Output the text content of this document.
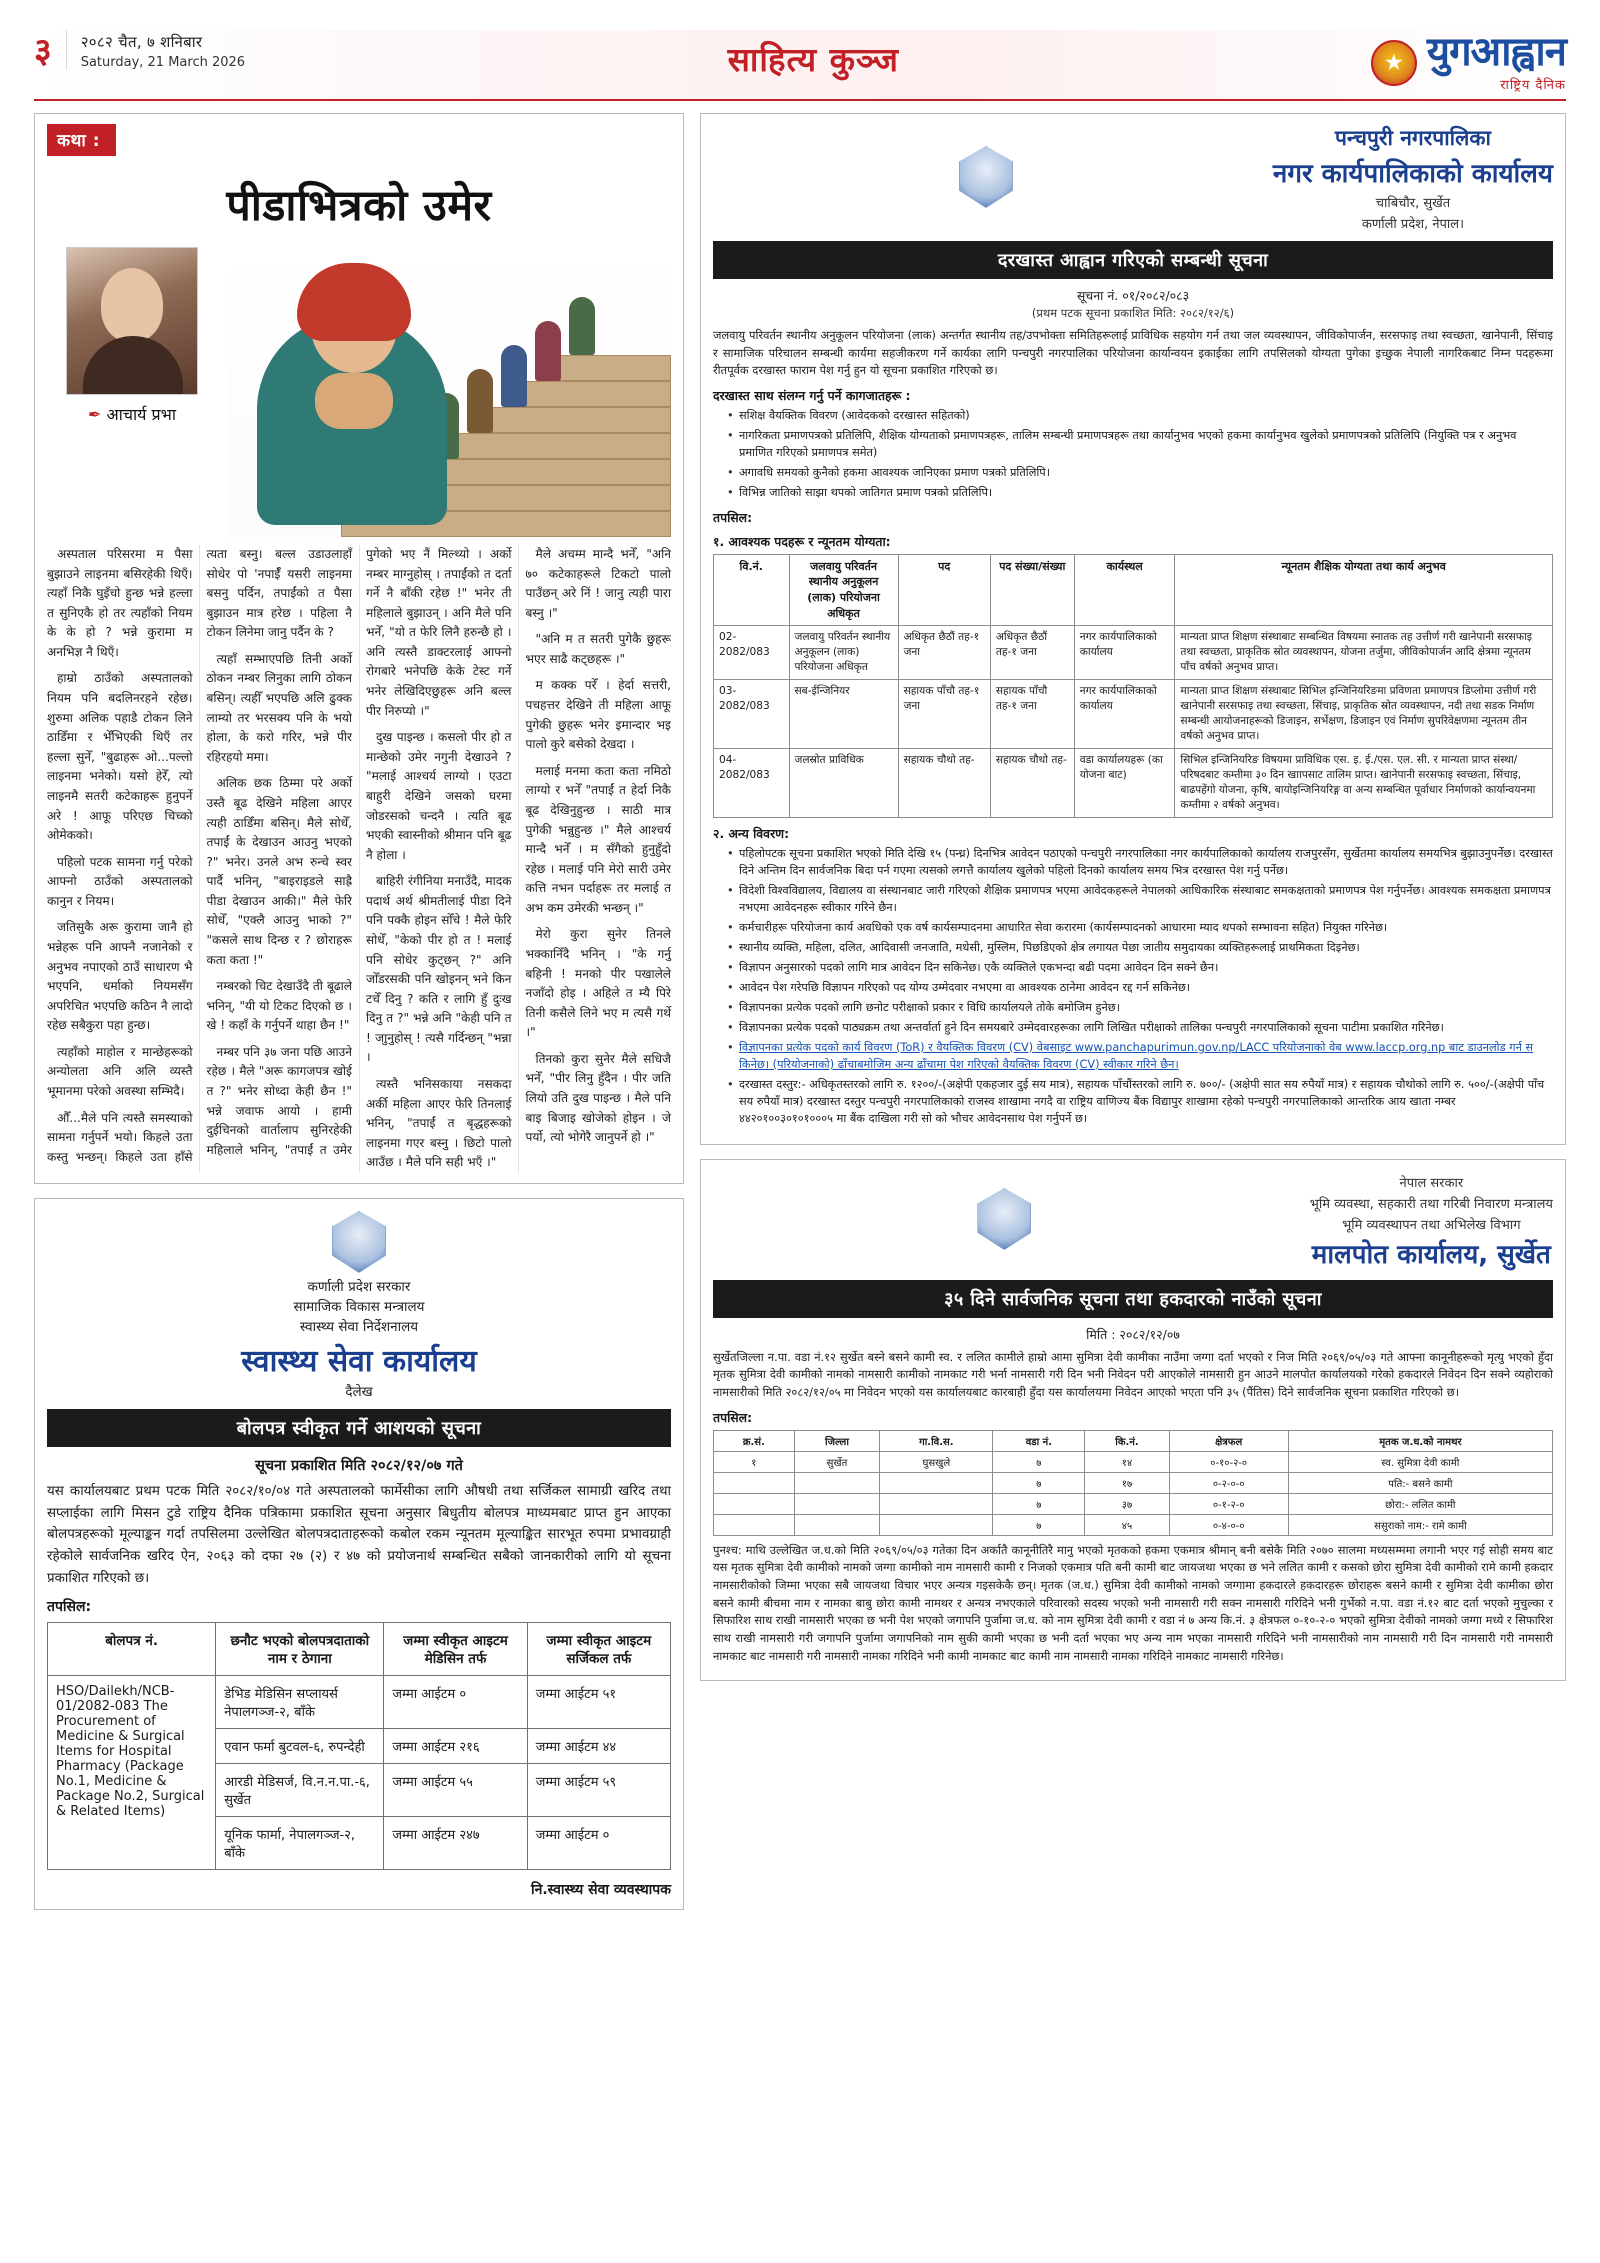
३	२०८२ चैत, ७ शनिबार
Saturday, 21 March 2026	साहित्य कुञ्ज	युगआह्वान
राष्ट्रिय दैनिक
कथा :
पीडाभित्रको उमेर
✒ आचार्य प्रभा

अस्पताल परिसरमा म पैसा बुझाउने लाइनमा बसिरहेकी थिएँ। त्यहाँ निकै घुइँचो हुन्छ भन्ने हल्ला त सुनिएकै हो तर त्यहाँको नियम के के हो ? भन्ने कुरामा म अनभिज्ञ नै थिएँ।

हाम्रो ठाउँको अस्पतालको नियम पनि बदलिनरहने रहेछ। शुरुमा अलिक पहाडै टोकन लिने ठाडिँमा र भेँभिएकी थिएँ तर हल्ला सुनेँ, "बुढाहरू ओ...पल्लो लाइनमा भनेको। यसो हेरेँ, त्यो लाइनमै सतरी कटेकाहरू हुनुपर्ने अरे ! आफू परिएछ चिच्को ओमेकको।

पहिलो पटक सामना गर्नु परेको आफ्नो ठाउँको अस्पतालको कानुन र नियम।

जतिसुकै अरू कुरामा जानै हो भन्नेहरू पनि आफ्नै नजानेको र अनुभव नपाएको ठाउँ साधारण भै भएपनि, धर्माको नियमसँग अपरिचित भएपछि कठिन नै लादो रहेछ सबैकुरा पहा हुन्छ।

त्यहाँको माहोल र मान्छेहरूको अन्योलता अनि अलि व्यस्तै भूमानमा परेको अवस्था सम्भिदै।

औँ...मैले पनि त्यस्तै समस्याको सामना गर्नुपर्ने भयो। किहले उता कस्तु भन्छन्। किहले उता हाँसे त्यता बस्नु। बल्ल उडाउलाहाँ सोधेर पो 'नपाईँ यसरी लाइनमा बसनु पर्दिन, तपाईंको त पैसा बुझाउन मात्र हरेछ । पहिला नै टोकन लिनेमा जानु पर्दैन के ?

त्यहाँ सम्भाएपछि तिनी अर्को ठोकन नम्बर लिनुका लागि ठोकन बसिन्। त्यहीँ भएपछि अलि ढुक्क लाम्यो तर भरसक्य पनि के भयो होला, के करो गरिर, भन्ने पीर रहिरहयो ममा।

अलिक छक ठिम्मा परे अर्को उस्तै बूढ देखिने महिला आएर त्यही ठाडिँमा बसिन्। मैले सोधेँ, तपाईं के देखाउन आउनु भएको ?" भनेर। उनले अभ रुन्चे स्वर पार्दै भनिन्, "बाइराइडले साह्रै पीडा देखाउन आकी।" मैले फेरि सोधेँ, "एक्लै आउनु भाको ?" "कसले साथ दिन्छ र ? छोराहरू कता कता !"

नम्बरको चिट देखाउँदै ती बूढाले भनिन्, "यी यो टिकट दिएको छ । खे ! कहाँ के गर्नुपर्ने थाहा छैन !"

नम्बर पनि ३७ जना पछि आउने रहेछ । मैले "अरू कागजपत्र खोई त ?" भनेर सोध्दा केही छैन !" भन्ने जवाफ आयो । हामी दुईचिनको वार्तालाप सुनिरहेकी महिलाले भनिन्, "तपाईं त उमेर पुगेको भए नैं मिल्थ्यो । अर्को नम्बर माग्नुहोस् । तपाईंको त दर्ता गर्ने नै बाँकी रहेछ !" भनेर ती महिलाले बुझाउन् । अनि मैले पनि भनेँ, "यो त फेरि लिनै हरुन्छै हो । अनि त्यस्तै डाक्टरलाई आफ्नो रोगबारे भनेपछि केके टेस्ट गर्ने भनेर लेखिदिएछुहरू अनि बल्ल पीर निरुप्यो ।"

दुख पाइन्छ । कसलो पीर हो त मान्छेको उमेर नगुनी देखाउने ? "मलाई आश्चर्य लाग्यो । एउटा बाहुरी देखिने जसको घरमा जोडरसको चन्दनै । त्यति बूढ भएकी स्वास्नीको श्रीमान पनि बूढ नै होला ।

बाहिरी रंगीनिया मनाउँदै, मादक पदार्थ अर्थ श्रीमतीलाई पीडा दिने पनि पक्कै होइन सोँचे ! मैले फेरि सोधेँ, "केको पीर हो त ! मलाई पनि सोधेर कुट्छन् ?" अनि जोँडरसकी पनि खाेइनन् भने किन टचेँ दिनु ? कति र लागि हुँ दुःख दिनु त ?" भन्ने अनि "केही पनि त ! जाुनुहोस् ! त्यसै गर्दिन्छन् "भन्ना ।

त्यस्तै भनिसकाया नसकदा अर्की महिला आएर फेरि तिनलाई भनिन्, "तपाईं त बृद्धहरूको लाइनमा गएर बस्नु । छिटो पालो आउँछ । मैले पनि सही भएँ ।"

मैले अचम्म मान्दै भनेँ, "अनि ७० कटेकाहरूले टिकटो पालो पाउँछन् अरे निं ! जानु त्यही पारा बस्नु ।"

"अनि म त सतरी पुगेकै छुहरू भएर साढै कट्छहरू ।"

म कक्क परेँ । हेर्दा सत्तरी, पचहत्तर देखिने ती महिला आफू पुगेकी छुहरू भनेर इमान्दार भइ पालो कुरे बसेको देखदा ।

मलाई मनमा कता कता नमिठो लाग्यो र भनेँ "तपाईं त हेर्दा निकै बूढ देखिनुहुन्छ । साठी मात्र पुगेकी भन्नुहुन्छ ।" मैले आश्चर्य मान्दै भनेँ । म सँगैको हुनुहुँदो रहेछ । मलाई पनि मेरो सारी उमेर कत्ति नभन पर्दाहरू तर मलाई त अभ कम उमेरकी भन्छन् ।"

मेरो कुरा सुनेर तिनले भक्कानिँदै भनिन् । "के गर्नु बहिनी ! मनको पीर पखालेले नजाँदो होइ । अहिले त म्यै पिरे तिनी कसैले लिने भए म त्यसै गर्थे ।"

तिनको कुरा सुनेर मैले सधिजै भनेँ, "पीर लिनु हुँदैन । पीर जति लियो उति दुख पाइन्छ । मैले पनि बाइ बिजाइ खोजेको होइन । जे पर्यो, त्यो भोगेरै जानुपर्ने हो ।"

कर्णाली प्रदेश सरकार
सामाजिक विकास मन्त्रालय
स्वास्थ्य सेवा निर्देशनालय
स्वास्थ्य सेवा कार्यालय
दैलेख
बोलपत्र स्वीकृत गर्ने आशयको सूचना
सूचना प्रकाशित मिति २०८२/१२/०७ गते
यस कार्यालयबाट प्रथम पटक मिति २०८२/१०/०४ गते अस्पतालको फार्मेसीका लागि औषधी तथा सर्जिकल सामाग्री खरिद तथा सप्लाईका लागि मिसन टुडे राष्ट्रिय दैनिक पत्रिकामा प्रकाशित सूचना अनुसार बिधुतीय बोलपत्र माध्यमबाट प्राप्त हुन आएका बोलपत्रहरूको मूल्याङ्कन गर्दा तपसिलमा उल्लेखित बोलपत्रदाताहरूको कबोल रकम न्यूनतम मूल्याङ्कित सारभूत रुपमा प्रभावग्राही रहेकोले सार्वजनिक खरिद ऐन, २०६३ को दफा २७ (२) र ४७ को प्रयोजनार्थ सम्बन्धित सबैको जानकारीको लागि यो सूचना प्रकाशित गरिएको छ।
तपसिल:
बोलपत्र नं.	छनौट भएको बोलपत्रदाताको नाम र ठेगाना	जम्मा स्वीकृत आइटम मेडिसिन तर्फ	जम्मा स्वीकृत आइटम सर्जिकल तर्फ
HSO/Dailekh/NCB-01/2082-083 The Procurement of Medicine & Surgical Items for Hospital Pharmacy (Package No.1, Medicine & Package No.2, Surgical & Related Items)	डेभिड मेडिसिन सप्लायर्स नेपालगञ्ज-२, बाँके	जम्मा आईटम ०	जम्मा आईटम ५१
	एवान फर्मा बुटवल-६, रुपन्देही	जम्मा आईटम २१६	जम्मा आईटम ४४
	आरडी मेडिसर्ज, वि.न.न.पा.-६, सुर्खेत	जम्मा आईटम ५५	जम्मा आईटम ५९
	यूनिक फार्मा, नेपालगञ्ज-२, बाँके	जम्मा आईटम २४७	जम्मा आईटम ०
नि.स्वास्थ्य सेवा व्यवस्थापक
पन्चपुरी नगरपालिका
नगर कार्यपालिकाको कार्यालय
चाबिचौर, सुर्खेत
कर्णाली प्रदेश, नेपाल।
दरखास्त आह्वान गरिएको सम्बन्धी सूचना
सूचना नं. ०१/२०८२/०८३
(प्रथम पटक सूचना प्रकाशित मिति: २०८२/१२/६)

जलवायु परिवर्तन स्थानीय अनुकूलन परियोजना (लाक) अन्तर्गत स्थानीय तह/उपभोक्ता समितिहरूलाई प्राविधिक सहयोग गर्न तथा जल व्यवस्थापन, जीविकोपार्जन, सरसफाइ तथा स्वच्छता, खानेपानी, सिंचाइ र सामाजिक परिचालन सम्बन्धी कार्यमा सहजीकरण गर्ने कार्यका लागि पन्चपुरी नगरपालिका परियोजना कार्यान्वयन इकाईका लागि तपसिलको योग्यता पुगेका इच्छुक नेपाली नागरिकबाट निम्न पदहरूमा रीतपूर्वक दरखास्त फाराम पेश गर्नु हुन यो सूचना प्रकाशित गरिएको छ।

दरखास्त साथ संलग्न गर्नु पर्ने कागजातहरू :
• सशिक्ष वैयक्तिक विवरण (आवेदकको दरखास्त सहितको)
• नागरिकता प्रमाणपत्रको प्रतिलिपि, शैक्षिक योग्यताको प्रमाणपत्रहरू, तालिम सम्बन्धी प्रमाणपत्रहरू तथा कार्यानुभव भएको हकमा कार्यानुभव खुलेको प्रमाणपत्रको प्रतिलिपि (नियुक्ति पत्र र अनुभव प्रमाणित गरिएको प्रमाणपत्र समेत)
• अगावधि समयको कुनैको हकमा आवश्यक जानिएका प्रमाण पत्रको प्रतिलिपि।
• विभिन्न जातिको साझा थपको जातिगत प्रमाण पत्रको प्रतिलिपि।
तपसिल:
१. आवश्यक पदहरू र न्यूनतम योग्यता:
वि.नं.	जलवायु परिवर्तन स्थानीय अनुकूलन (लाक) परियोजना अधिकृत	पद	पद संख्या/संख्या	कार्यस्थल	न्यूनतम शैक्षिक योग्यता तथा कार्य अनुभव
02-2082/083	जलवायु परिवर्तन स्थानीय अनुकूलन (लाक) परियोजना अधिकृत	अधिकृत छैठौं तह-१ जना	अधिकृत छैठौं तह-१ जना	नगर कार्यपालिकाको कार्यालय	मान्यता प्राप्त शिक्षण संस्थाबाट सम्बन्धित विषयमा स्नातक तह उत्तीर्ण गरी खानेपानी सरसफाइ तथा स्वच्छता, प्राकृतिक स्रोत व्यवस्थापन, योजना तर्जुमा, जीविकोपार्जन आदि क्षेत्रमा न्यूनतम पाँच वर्षको अनुभव प्राप्त।
03-2082/083	सब-ईन्जिनियर	सहायक पाँचौ तह-१ जना	सहायक पाँचौ तह-१ जना	नगर कार्यपालिकाको कार्यालय	मान्यता प्राप्त शिक्षण संस्थाबाट सिभिल इन्जिनियरिङमा प्रविणता प्रमाणपत्र डिप्लोमा उत्तीर्ण गरी खानेपानी सरसफाइ तथा स्वच्छता, सिंचाइ, प्राकृतिक स्रोत व्यवस्थापन, नदी तथा सडक निर्माण सम्बन्धी आयोजनाहरूको डिजाइन, सर्भेक्षण, डिजाइन एवं निर्माण सुपरिवेक्षणमा न्यूनतम तीन वर्षको अनुभव प्राप्त।
04-2082/083	जलस्रोत प्राविधिक	सहायक चौथो तह-	सहायक चौथो तह-	वडा कार्यालयहरू (का योजना बाट)	सिभिल इन्जिनियरिङ विषयमा प्राविधिक एस. इ. ई./एस. एल. सी. र मान्यता प्राप्त संस्था/परिषदबाट कम्तीमा ३० दिन खाापसाट तालिम प्राप्त। खानेपानी सरसफाइ स्वच्छता, सिंचाइ, बाढपहेंगो योजना, कृषि, बायोइन्जिनियरिङ्ग वा अन्य सम्बन्धित पूर्वाधार निर्माणको कार्यान्वयनमा कम्तीमा २ वर्षको अनुभव।
२. अन्य विवरण:
• पहिलोपटक सूचना प्रकाशित भएको मिति देखि १५ (पन्ध्र) दिनभित्र आवेदन पठाएको पन्चपुरी नगरपालिकाा नगर कार्यपालिकाको कार्यालय राजपुरसँग, सुर्खेतमा कार्यालय समयभित्र बुझाउनुपर्नेछ। दरखास्त दिने अन्तिम दिन सार्वजनिक बिदा पर्न गएमा त्यसको लगत्तै कार्यालय खुलेको पहिलो दिनको कार्यालय समय भित्र दरखास्त पेश गर्नु पर्नेछ।
• विदेशी विश्वविद्यालय, विद्यालय वा संस्थानबाट जारी गरिएको शैक्षिक प्रमाणपत्र भएमा आवेदकहरूले नेपालको आधिकारिक संस्थाबाट समकक्षताको प्रमाणपत्र पेश गर्नुपर्नेछ। आवश्यक समकक्षता प्रमाणपत्र नभएमा आवेदनहरू स्वीकार गरिने छैन।
• कर्मचारीहरू परियोजना कार्य अवधिको एक वर्ष कार्यसम्पादनमा आधारित सेवा करारमा (कार्यसम्पादनको आधारमा म्याद थपको सम्भावना सहित) नियुक्त गरिनेछ।
• स्थानीय व्यक्ति, महिला, दलित, आदिवासी जनजाति, मधेसी, मुस्लिम, पिछडिएको क्षेत्र लगायत पेछा जातीय समुदायका व्यक्तिहरूलाई प्राथमिकता दिइनेछ।
• विज्ञापन अनुसारको पदको लागि मात्र आवेदन दिन सकिनेछ। एकै व्यक्तिले एकभन्दा बढी पदमा आवेदन दिन सक्ने छैन।
• आवेदन पेश गरेपछि विज्ञापन गरिएको पद योग्य उम्मेदवार नभएमा वा आवश्यक ठानेमा आवेदन रद्द गर्न सकिनेछ।
• विज्ञापनका प्रत्येक पदको लागि छनोट परीक्षाको प्रकार र विधि कार्यालयले तोके बमोजिम हुनेछ।
• विज्ञापनका प्रत्येक पदको पाठ्यक्रम तथा अन्तर्वार्ता हुने दिन समयबारे उम्मेदवारहरूका लागि लिखित परीक्षाको तालिका पन्चपुरी नगरपालिकाको सूचना पाटीमा प्रकाशित गरिनेछ।
• विज्ञापनका प्रत्येक पदको कार्य विवरण (ToR) र वैयक्तिक विवरण (CV) वेबसाइट www.panchapurimun.gov.np/LACC परियोजनाको वेब www.laccp.org.np बाट डाउनलोड गर्न सकिनेछ। (परियोजनाको) ढाँचाबमोजिम अन्य ढाँचामा पेश गरिएको वैयक्तिक विवरण (CV) स्वीकार गरिने छैन।
• दरखास्त दस्तुर:- अधिकृतस्तरको लागि रु. १२००/-(अक्षेपी एकहजार दुई सय मात्र), सहायक पाँचौंस्तरको लागि रु. ७००/- (अक्षेपी सात सय रुपैयाँ मात्र) र सहायक चौथोको लागि रु. ५००/-(अक्षेपी पाँच सय रुपैयाँ मात्र) दरखास्त दस्तुर पन्चपुरी नगरपालिकाको राजस्व शाखामा नगदै वा राष्ट्रिय वाणिज्य बैंक विद्यापुर शाखामा रहेको पन्चपुरी नगरपालिकाको आन्तरिक आय खाता नम्बर ४४२०१००३०१०१०००५ मा बैंक दाखिला गरी सो को भौचर आवेदनसाथ पेश गर्नुपर्ने छ।
नेपाल सरकार
भूमि व्यवस्था, सहकारी तथा गरिबी निवारण मन्त्रालय
भूमि व्यवस्थापन तथा अभिलेख विभाग
मालपोत कार्यालय, सुर्खेत
३५ दिने सार्वजनिक सूचना तथा हकदारको नाउँको सूचना
मिति : २०८२/१२/०७

सुर्खेतजिल्ला न.पा. वडा नं.१२ सुर्खेत बस्ने बसने कामी स्व. र ललित कामीले हाम्रो आमा सुमित्रा देवी कामीका नाउँमा जग्गा दर्ता भएको र निज मिति २०६९/०५/०३ गते आफ्ना कानूनीहरूको मृत्यु भएको हुँदा मृतक सुमित्रा देवी कामीको नामको नामसारी कामीको नामकाट गरी भर्ना नामसारी गरी दिन भनी निवेदन परी आएकोले नामसारी हुन आउने मालपोत कार्यालयको गरेको हकदारले निवेदन दिन सक्ने व्यहोराको नामसारीको मिति २०८२/१२/०५ मा निवेदन भएको यस कार्यालयबाट कारबाही हुँदा यस कार्यालयमा निवेदन आएको भएता पनि ३५ (पैंतिस) दिने सार्वजनिक सूचना प्रकाशित गरिएको छ।

तपसिल:
क्र.सं.	जिल्ला	गा.वि.स.	वडा नं.	कि.नं.	क्षेत्रफल	मृतक ज.ध.को नामथर
१	सुर्खेत	घुसखुले	७	१४	०-१०-२-०	स्व. सुमित्रा देवी कामी
			७	१७	०-२-०-०	पति:- बसने कामी
			७	३७	०-१-२-०	छोरा:- ललित कामी
			७	४५	०-४-०-०	ससुराको नाम:- रामे कामी

पुनश्च: माथि उल्लेखित ज.ध.को मिति २०६९/०५/०३ गतेका दिन अर्कातै कानूनीतिरै मानु भएको मृतकको हकमा एकमात्र श्रीमान् बनी बसेकै मिति २०७० सालमा मध्यसम्ममा लगानी भएर गई सोही समय बाट यस मृतक सुमित्रा देवी कामीको नामको जग्गा कामीको नाम नामसारी कामी र निजकोे एकमात्र पति बनी कामी बाट जायजथा भएका छ भने ललित कामी र कसको छोरा सुमित्रा देवी कामीको रामे कामी हकदार नामसारीकोको जिम्मा भएका सबै जायजथा विचार भएर अन्यत्र गइसकेकै छन्। मृतक (ज.ध.) सुमित्रा देवी कामीको नामको जग्गामा हकदारले हकदारहरू छोराहरू बसने कामी र सुमित्रा देवी कामीका छोरा बसने कामी बीचमा नाम र नामका बाबु छोरा कामी नामथर र अन्यत्र नभएकाले परिवारको सदस्य भएको भनी नामसारी गरी सक्न नामसारी गरिदिने भनी गुर्भेको न.पा. वडा नं.१२ बाट दर्ता भएको मुचुल्का र सिफारिश साथ राखी नामसारी भएका छ भनी पेश भएको जगापनि पुर्जामा ज.ध. को नाम सुमित्रा देवी कामी र वडा नं ७ अन्य कि.नं. ३ क्षेत्रफल ०-१०-२-० भएको सुमित्रा देवीको नामको जग्गा मध्ये र सिफारिश साथ राखी नामसारी गरी जगापनि पुर्जामा जगापनिको नाम सुकी कामी भएका छ भनी दर्ता भएका भए अन्य नाम भएका नामसारी गरिदिने भनी नामसारीको नाम नामसारी गरी दिन नामसारी गरी नामसारी नामकाट बाट नामसारी गरी नामसारी नामका गरिदिने भनी कामी नामकाट बाट कामी नाम नामसारी नामका गरिदिने नामकाट नामसारी गरिनेछ।
